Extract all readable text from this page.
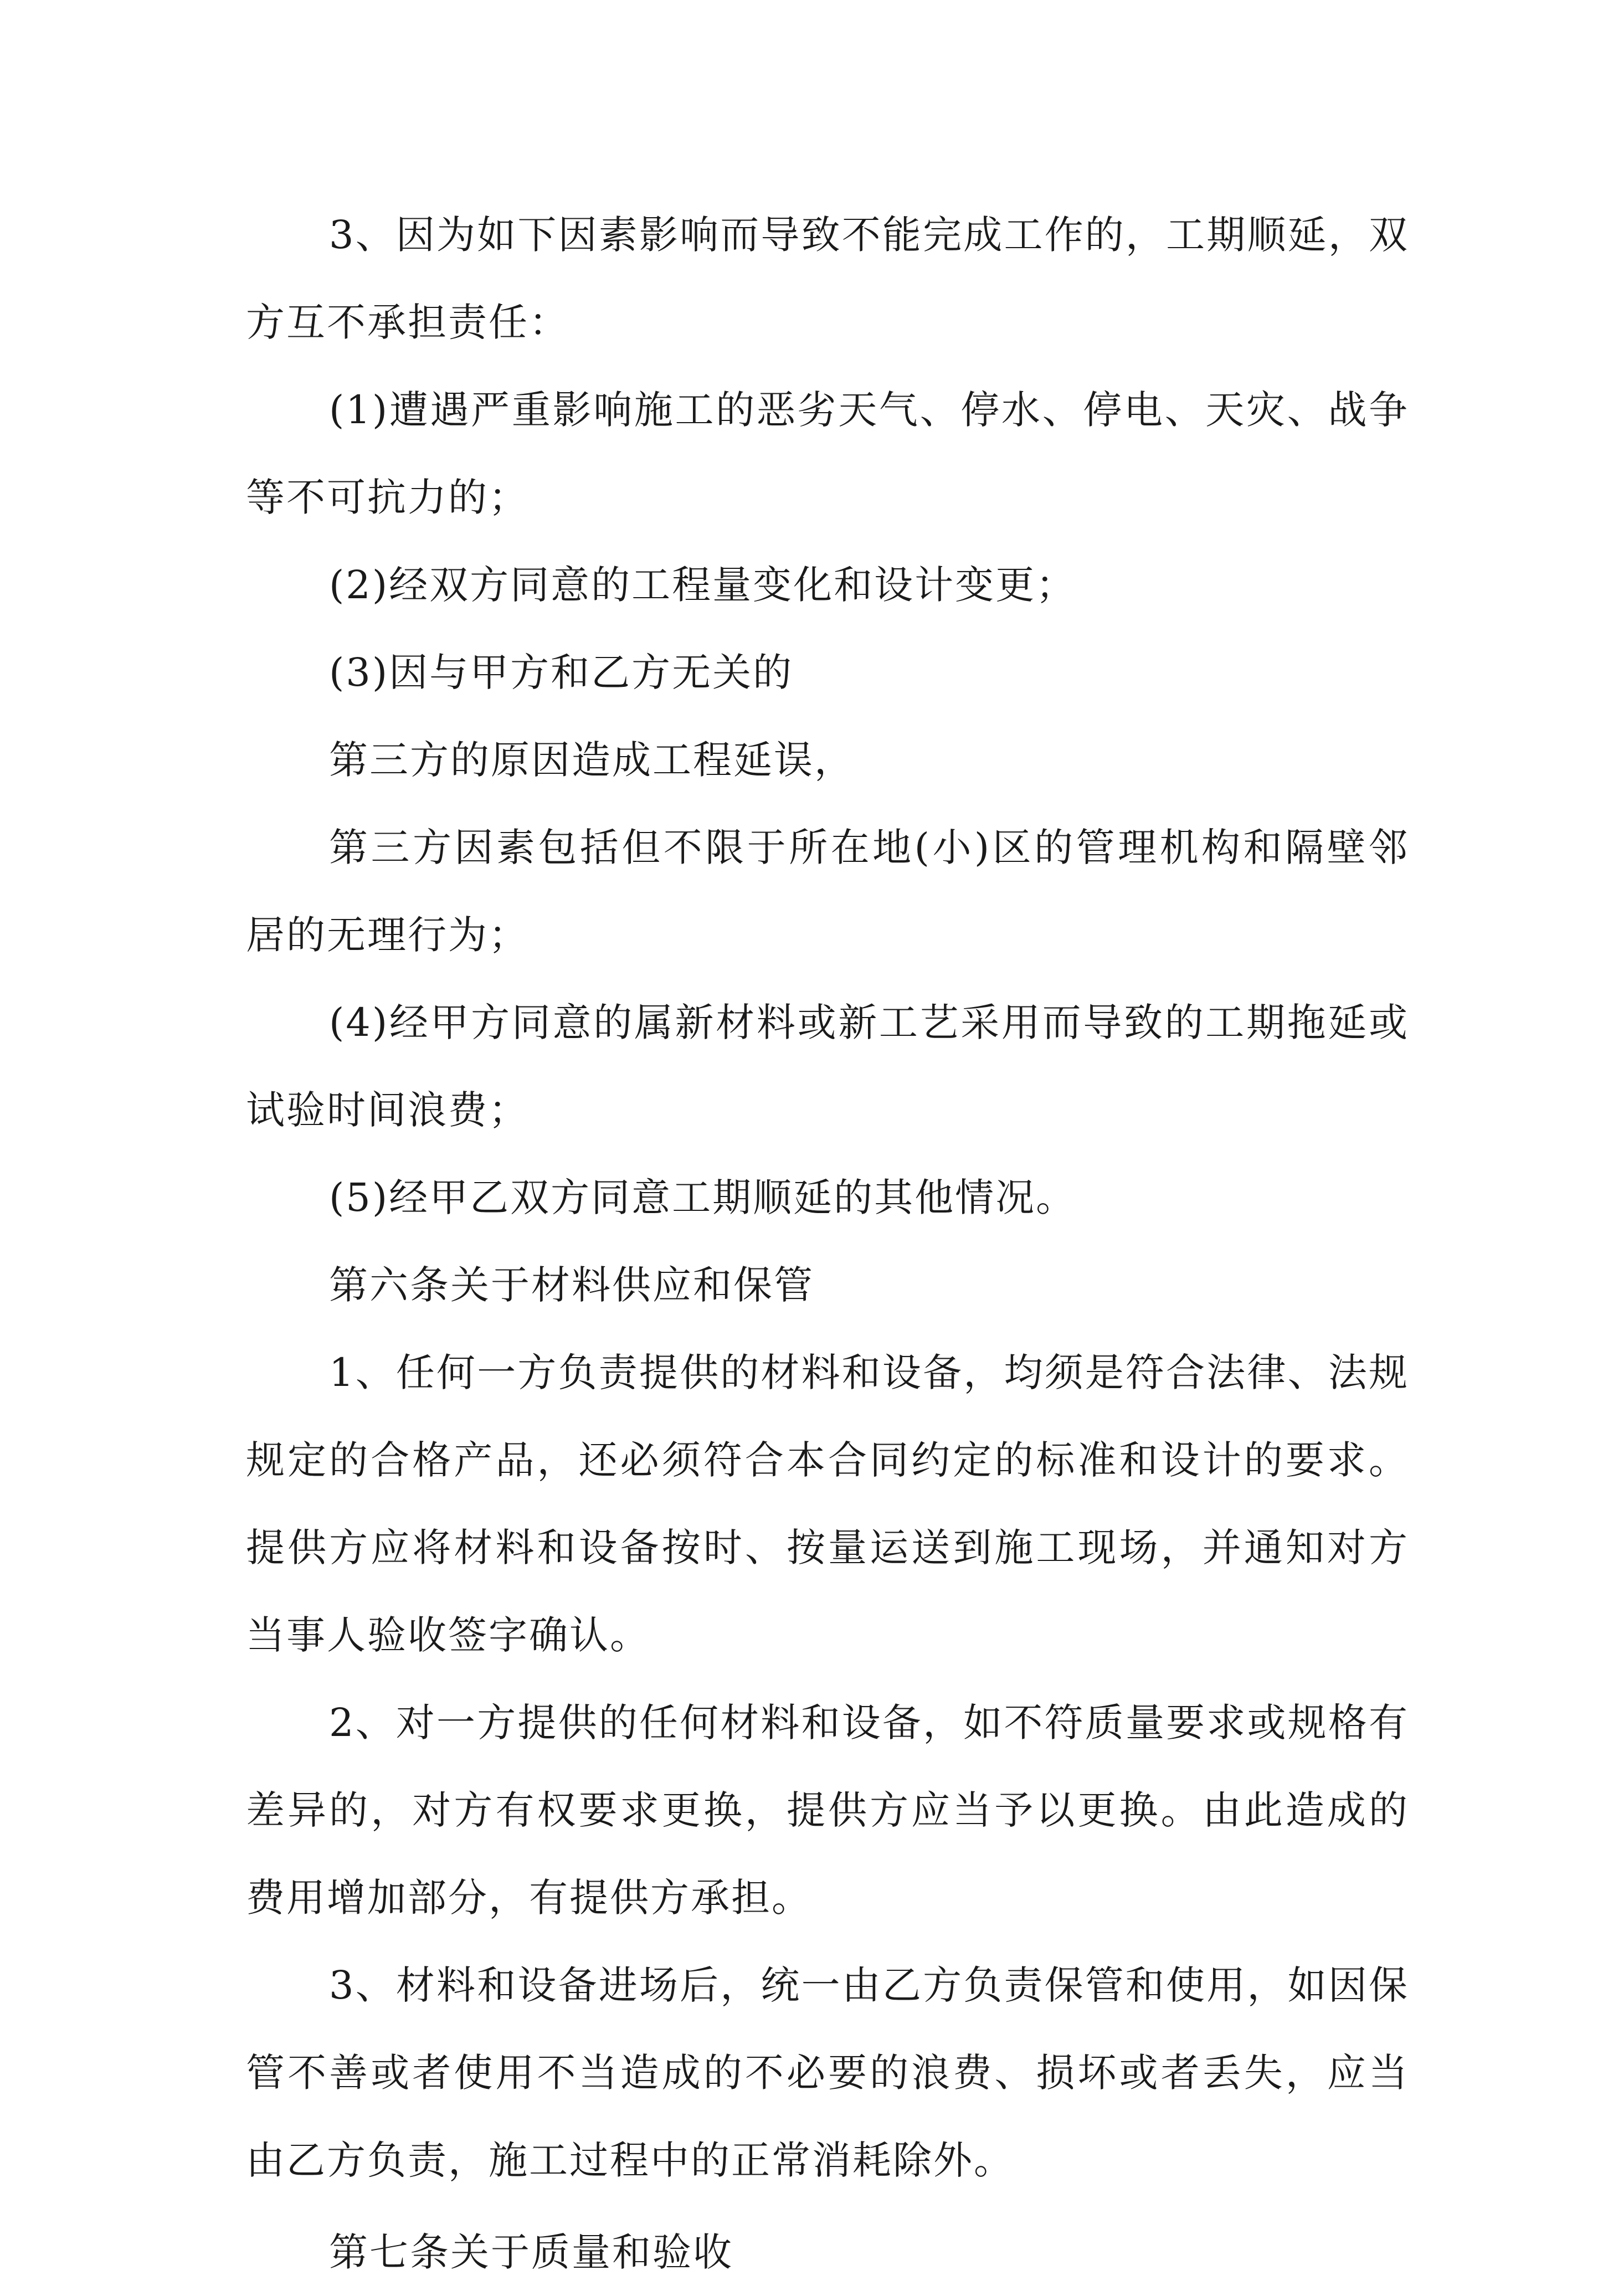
3、因为如下因素影响而导致不能完成工作的，工期顺延，双方互不承担责任：

(1)遭遇严重影响施工的恶劣天气、停水、停电、天灾、战争等不可抗力的；

(2)经双方同意的工程量变化和设计变更；

(3)因与甲方和乙方无关的

第三方的原因造成工程延误，

第三方因素包括但不限于所在地(小)区的管理机构和隔壁邻居的无理行为；

(4)经甲方同意的属新材料或新工艺采用而导致的工期拖延或试验时间浪费；

(5)经甲乙双方同意工期顺延的其他情况。

第六条关于材料供应和保管

1、任何一方负责提供的材料和设备，均须是符合法律、法规规定的合格产品，还必须符合本合同约定的标准和设计的要求。提供方应将材料和设备按时、按量运送到施工现场，并通知对方当事人验收签字确认。

2、对一方提供的任何材料和设备，如不符质量要求或规格有差异的，对方有权要求更换，提供方应当予以更换。由此造成的费用增加部分，有提供方承担。

3、材料和设备进场后，统一由乙方负责保管和使用，如因保管不善或者使用不当造成的不必要的浪费、损坏或者丢失，应当由乙方负责，施工过程中的正常消耗除外。

第七条关于质量和验收
